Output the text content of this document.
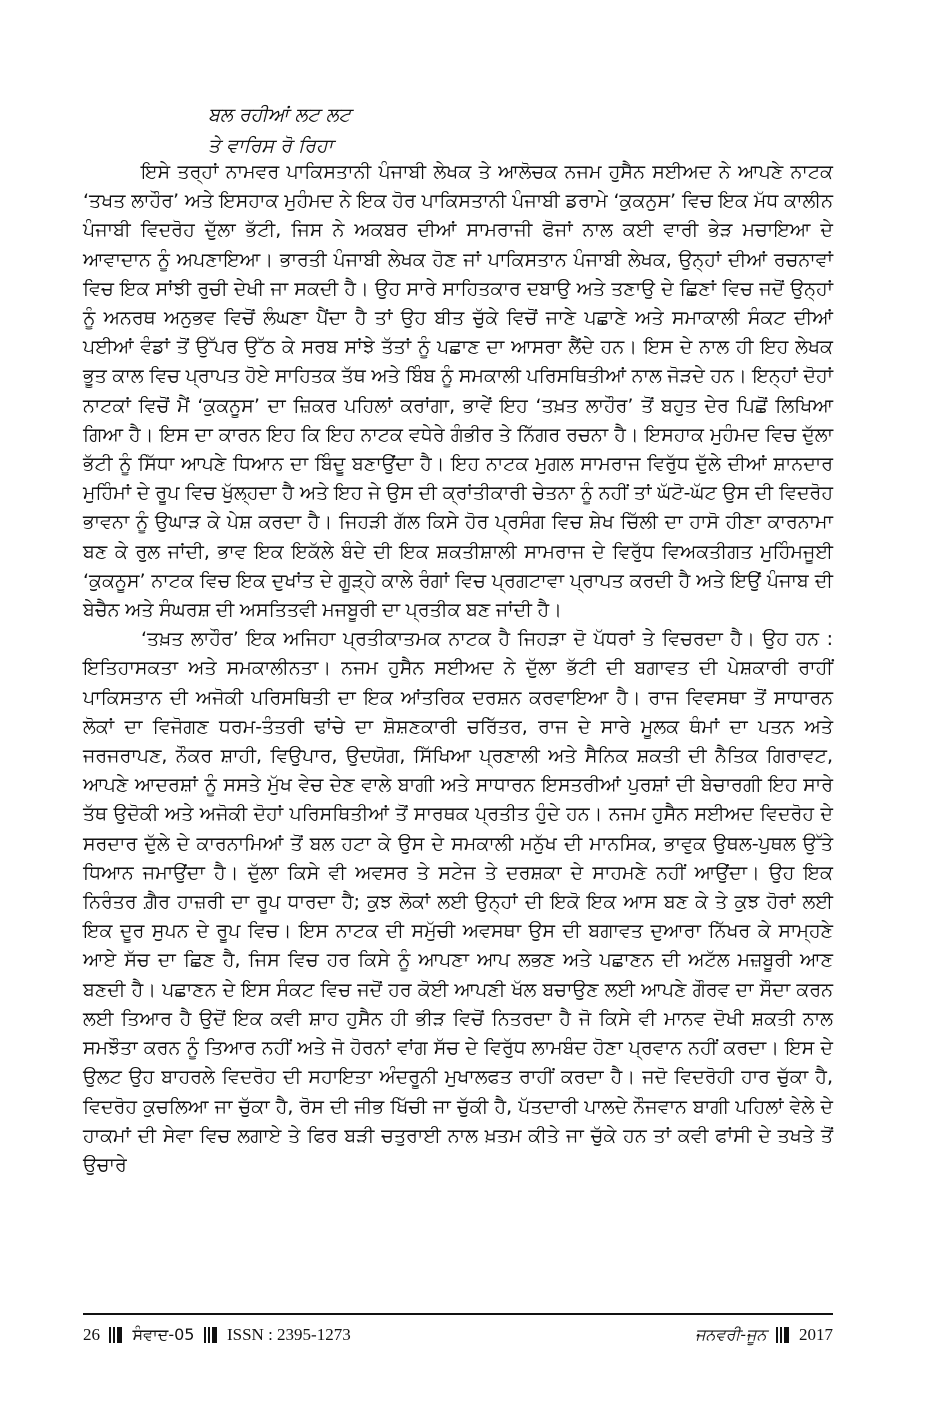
ਬਲ ਰਹੀਆਂ ਲਟ ਲਟ
ਤੇ ਵਾਰਿਸ ਰੋ ਰਿਹਾ

ਇਸੇ ਤਰ੍ਹਾਂ ਨਾਮਵਰ ਪਾਕਿਸਤਾਨੀ ਪੰਜਾਬੀ ਲੇਖਕ ਤੇ ਆਲੋਚਕ ਨਜਮ ਹੁਸੈਨ ਸਈਅਦ ਨੇ ਆਪਣੇ ਨਾਟਕ ‘ਤਖਤ ਲਾਹੌਰ’ ਅਤੇ ਇਸਹਾਕ ਮੁਹੰਮਦ ਨੇ ਇਕ ਹੋਰ ਪਾਕਿਸਤਾਨੀ ਪੰਜਾਬੀ ਡਰਾਮੇ ‘ਕੁਕਨੁਸ’ ਵਿਚ ਇਕ ਮੱਧ ਕਾਲੀਨ ਪੰਜਾਬੀ ਵਿਦਰੋਹ ਦੁੱਲਾ ਭੱਟੀ, ਜਿਸ ਨੇ ਅਕਬਰ ਦੀਆਂ ਸਾਮਰਾਜੀ ਫੋਜਾਂ ਨਾਲ ਕਈ ਵਾਰੀ ਭੇੜ ਮਚਾਇਆ ਦੇ ਆਵਾਦਾਨ ਨੂੰ ਅਪਣਾਇਆ। ਭਾਰਤੀ ਪੰਜਾਬੀ ਲੇਖਕ ਹੋਣ ਜਾਂ ਪਾਕਿਸਤਾਨ ਪੰਜਾਬੀ ਲੇਖਕ, ਉਨ੍ਹਾਂ ਦੀਆਂ ਰਚਨਾਵਾਂ ਵਿਚ ਇਕ ਸਾਂਝੀ ਰੁਚੀ ਦੇਖੀ ਜਾ ਸਕਦੀ ਹੈ। ਉਹ ਸਾਰੇ ਸਾਹਿਤਕਾਰ ਦਬਾਉ ਅਤੇ ਤਣਾਉ ਦੇ ਛਿਣਾਂ ਵਿਚ ਜਦੋਂ ਉਨ੍ਹਾਂ ਨੂੰ ਅਨਰਥ ਅਨੁਭਵ ਵਿਚੋਂ ਲੰਘਣਾ ਪੈਂਦਾ ਹੈ ਤਾਂ ਉਹ ਬੀਤ ਚੁੱਕੇ ਵਿਚੋਂ ਜਾਣੇ ਪਛਾਣੇ ਅਤੇ ਸਮਾਕਾਲੀ ਸੰਕਟ ਦੀਆਂ ਪਈਆਂ ਵੰਡਾਂ ਤੋਂ ਉੱਪਰ ਉੱਠ ਕੇ ਸਰਬ ਸਾਂਝੇ ਤੱਤਾਂ ਨੂੰ ਪਛਾਣ ਦਾ ਆਸਰਾ ਲੈਂਦੇ ਹਨ। ਇਸ ਦੇ ਨਾਲ ਹੀ ਇਹ ਲੇਖਕ ਭੂਤ ਕਾਲ ਵਿਚ ਪ੍ਰਾਪਤ ਹੋਏ ਸਾਹਿਤਕ ਤੱਥ ਅਤੇ ਬਿੰਬ ਨੂੰ ਸਮਕਾਲੀ ਪਰਿਸਥਿਤੀਆਂ ਨਾਲ ਜੋੜਦੇ ਹਨ। ਇਨ੍ਹਾਂ ਦੋਹਾਂ ਨਾਟਕਾਂ ਵਿਚੋਂ ਮੈਂ ‘ਕੁਕਨੂਸ’ ਦਾ ਜ਼ਿਕਰ ਪਹਿਲਾਂ ਕਰਾਂਗਾ, ਭਾਵੇਂ ਇਹ ‘ਤਖ਼ਤ ਲਾਹੌਰ’ ਤੋਂ ਬਹੁਤ ਦੇਰ ਪਿਛੋਂ ਲਿਖਿਆ ਗਿਆ ਹੈ। ਇਸ ਦਾ ਕਾਰਨ ਇਹ ਕਿ ਇਹ ਨਾਟਕ ਵਧੇਰੇ ਗੰਭੀਰ ਤੇ ਨਿੱਗਰ ਰਚਨਾ ਹੈ। ਇਸਹਾਕ ਮੁਹੰਮਦ ਵਿਚ ਦੁੱਲਾ ਭੱਟੀ ਨੂੰ ਸਿੱਧਾ ਆਪਣੇ ਧਿਆਨ ਦਾ ਬਿੰਦੂ ਬਣਾਉਂਦਾ ਹੈ। ਇਹ ਨਾਟਕ ਮੁਗਲ ਸਾਮਰਾਜ ਵਿਰੁੱਧ ਦੁੱਲੇ ਦੀਆਂ ਸ਼ਾਨਦਾਰ ਮੁਹਿੰਮਾਂ ਦੇ ਰੂਪ ਵਿਚ ਖੁੱਲ੍ਹਦਾ ਹੈ ਅਤੇ ਇਹ ਜੇ ਉਸ ਦੀ ਕ੍ਰਾਂਤੀਕਾਰੀ ਚੇਤਨਾ ਨੂੰ ਨਹੀਂ ਤਾਂ ਘੱਟੋ-ਘੱਟ ਉਸ ਦੀ ਵਿਦਰੋਹ ਭਾਵਨਾ ਨੂੰ ਉਘਾੜ ਕੇ ਪੇਸ਼ ਕਰਦਾ ਹੈ। ਜਿਹੜੀ ਗੱਲ ਕਿਸੇ ਹੋਰ ਪ੍ਰਸੰਗ ਵਿਚ ਸ਼ੇਖ ਚਿੱਲੀ ਦਾ ਹਾਸੋ ਹੀਣਾ ਕਾਰਨਾਮਾ ਬਣ ਕੇ ਰੁਲ ਜਾਂਦੀ, ਭਾਵ ਇਕ ਇਕੱਲੇ ਬੰਦੇ ਦੀ ਇਕ ਸ਼ਕਤੀਸ਼ਾਲੀ ਸਾਮਰਾਜ ਦੇ ਵਿਰੁੱਧ ਵਿਅਕਤੀਗਤ ਮੁਹਿੰਮਜੂਈ ‘ਕੁਕਨੂਸ’ ਨਾਟਕ ਵਿਚ ਇਕ ਦੁਖਾਂਤ ਦੇ ਗੂੜ੍ਹੇ ਕਾਲੇ ਰੰਗਾਂ ਵਿਚ ਪ੍ਰਗਟਾਵਾ ਪ੍ਰਾਪਤ ਕਰਦੀ ਹੈ ਅਤੇ ਇਉਂ ਪੰਜਾਬ ਦੀ ਬੇਚੈਨ ਅਤੇ ਸੰਘਰਸ਼ ਦੀ ਅਸਤਿਤਵੀ ਮਜਬੂਰੀ ਦਾ ਪ੍ਰਤੀਕ ਬਣ ਜਾਂਦੀ ਹੈ।

‘ਤਖ਼ਤ ਲਾਹੌਰ’ ਇਕ ਅਜਿਹਾ ਪ੍ਰਤੀਕਾਤਮਕ ਨਾਟਕ ਹੈ ਜਿਹੜਾ ਦੋ ਪੱਧਰਾਂ ਤੇ ਵਿਚਰਦਾ ਹੈ। ਉਹ ਹਨ : ਇਤਿਹਾਸਕਤਾ ਅਤੇ ਸਮਕਾਲੀਨਤਾ। ਨਜਮ ਹੁਸੈਨ ਸਈਅਦ ਨੇ ਦੁੱਲਾ ਭੱਟੀ ਦੀ ਬਗਾਵਤ ਦੀ ਪੇਸ਼ਕਾਰੀ ਰਾਹੀਂ ਪਾਕਿਸਤਾਨ ਦੀ ਅਜੋਕੀ ਪਰਿਸਥਿਤੀ ਦਾ ਇਕ ਆਂਤਰਿਕ ਦਰਸ਼ਨ ਕਰਵਾਇਆ ਹੈ। ਰਾਜ ਵਿਵਸਥਾ ਤੋਂ ਸਾਧਾਰਨ ਲੋਕਾਂ ਦਾ ਵਿਜੋਗਣ ਧਰਮ-ਤੰਤਰੀ ਢਾਂਚੇ ਦਾ ਸ਼ੋਸ਼ਣਕਾਰੀ ਚਰਿੱਤਰ, ਰਾਜ ਦੇ ਸਾਰੇ ਮੂਲਕ ਥੰਮਾਂ ਦਾ ਪਤਨ ਅਤੇ ਜਰਜਰਾਪਣ, ਨੌਕਰ ਸ਼ਾਹੀ, ਵਿਉਪਾਰ, ਉਦਯੋਗ, ਸਿੱਖਿਆ ਪ੍ਰਣਾਲੀ ਅਤੇ ਸੈਨਿਕ ਸ਼ਕਤੀ ਦੀ ਨੈਤਿਕ ਗਿਰਾਵਟ, ਆਪਣੇ ਆਦਰਸ਼ਾਂ ਨੂੰ ਸਸਤੇ ਮੁੱਖ ਵੇਚ ਦੇਣ ਵਾਲੇ ਬਾਗੀ ਅਤੇ ਸਾਧਾਰਨ ਇਸਤਰੀਆਂ ਪੁਰਸ਼ਾਂ ਦੀ ਬੇਚਾਰਗੀ ਇਹ ਸਾਰੇ ਤੱਥ ਉਦੋਕੀ ਅਤੇ ਅਜੋਕੀ ਦੋਹਾਂ ਪਰਿਸਥਿਤੀਆਂ ਤੋਂ ਸਾਰਥਕ ਪ੍ਰਤੀਤ ਹੁੰਦੇ ਹਨ। ਨਜਮ ਹੁਸੈਨ ਸਈਅਦ ਵਿਦਰੋਹ ਦੇ ਸਰਦਾਰ ਦੁੱਲੇ ਦੇ ਕਾਰਨਾਮਿਆਂ ਤੋਂ ਬਲ ਹਟਾ ਕੇ ਉਸ ਦੇ ਸਮਕਾਲੀ ਮਨੁੱਖ ਦੀ ਮਾਨਸਿਕ, ਭਾਵੁਕ ਉਥਲ-ਪੁਥਲ ਉੱਤੇ ਧਿਆਨ ਜਮਾਉਂਦਾ ਹੈ। ਦੁੱਲਾ ਕਿਸੇ ਵੀ ਅਵਸਰ ਤੇ ਸਟੇਜ ਤੇ ਦਰਸ਼ਕਾ ਦੇ ਸਾਹਮਣੇ ਨਹੀਂ ਆਉਂਦਾ। ਉਹ ਇਕ ਨਿਰੰਤਰ ਗ਼ੈਰ ਹਾਜ਼ਰੀ ਦਾ ਰੂਪ ਧਾਰਦਾ ਹੈ; ਕੁਝ ਲੋਕਾਂ ਲਈ ਉਨ੍ਹਾਂ ਦੀ ਇਕੋ ਇਕ ਆਸ ਬਣ ਕੇ ਤੇ ਕੁਝ ਹੋਰਾਂ ਲਈ ਇਕ ਦੂਰ ਸੁਪਨ ਦੇ ਰੂਪ ਵਿਚ। ਇਸ ਨਾਟਕ ਦੀ ਸਮੁੱਚੀ ਅਵਸਥਾ ਉਸ ਦੀ ਬਗਾਵਤ ਦੁਆਰਾ ਨਿੱਖਰ ਕੇ ਸਾਮ੍ਹਣੇ ਆਏ ਸੱਚ ਦਾ ਛਿਣ ਹੈ, ਜਿਸ ਵਿਚ ਹਰ ਕਿਸੇ ਨੂੰ ਆਪਣਾ ਆਪ ਲਭਣ ਅਤੇ ਪਛਾਣਨ ਦੀ ਅਟੱਲ ਮਜ਼ਬੂਰੀ ਆਣ ਬਣਦੀ ਹੈ। ਪਛਾਣਨ ਦੇ ਇਸ ਸੰਕਟ ਵਿਚ ਜਦੋਂ ਹਰ ਕੋਈ ਆਪਣੀ ਖੱਲ ਬਚਾਉਣ ਲਈ ਆਪਣੇ ਗੌਰਵ ਦਾ ਸੌਦਾ ਕਰਨ ਲਈ ਤਿਆਰ ਹੈ ਉਦੋਂ ਇਕ ਕਵੀ ਸ਼ਾਹ ਹੁਸੈਨ ਹੀ ਭੀੜ ਵਿਚੋਂ ਨਿਤਰਦਾ ਹੈ ਜੋ ਕਿਸੇ ਵੀ ਮਾਨਵ ਦੋਖੀ ਸ਼ਕਤੀ ਨਾਲ ਸਮਝੌਤਾ ਕਰਨ ਨੂੰ ਤਿਆਰ ਨਹੀਂ ਅਤੇ ਜੋ ਹੋਰਨਾਂ ਵਾਂਗ ਸੱਚ ਦੇ ਵਿਰੁੱਧ ਲਾਮਬੰਦ ਹੋਣਾ ਪ੍ਰਵਾਨ ਨਹੀਂ ਕਰਦਾ। ਇਸ ਦੇ ਉਲਟ ਉਹ ਬਾਹਰਲੇ ਵਿਦਰੋਹ ਦੀ ਸਹਾਇਤਾ ਅੰਦਰੂਨੀ ਮੁਖਾਲਫਤ ਰਾਹੀਂ ਕਰਦਾ ਹੈ। ਜਦੋ ਵਿਦਰੋਹੀ ਹਾਰ ਚੁੱਕਾ ਹੈ, ਵਿਦਰੋਹ ਕੁਚਲਿਆ ਜਾ ਚੁੱਕਾ ਹੈ, ਰੋਸ ਦੀ ਜੀਭ ਖਿੱਚੀ ਜਾ ਚੁੱਕੀ ਹੈ, ਪੱਤਦਾਰੀ ਪਾਲਦੇ ਨੌਜਵਾਨ ਬਾਗੀ ਪਹਿਲਾਂ ਵੇਲੇ ਦੇ ਹਾਕਮਾਂ ਦੀ ਸੇਵਾ ਵਿਚ ਲਗਾਏ ਤੇ ਫਿਰ ਬੜੀ ਚਤੁਰਾਈ ਨਾਲ ਖ਼ਤਮ ਕੀਤੇ ਜਾ ਚੁੱਕੇ ਹਨ ਤਾਂ ਕਵੀ ਫਾਂਸੀ ਦੇ ਤਖਤੇ ਤੋਂ ਉਚਾਰੇ

26 ਸੰਵਾਦ-05 ISSN : 2395-1273	ਜਨਵਰੀ-ਜੂਨ 2017
